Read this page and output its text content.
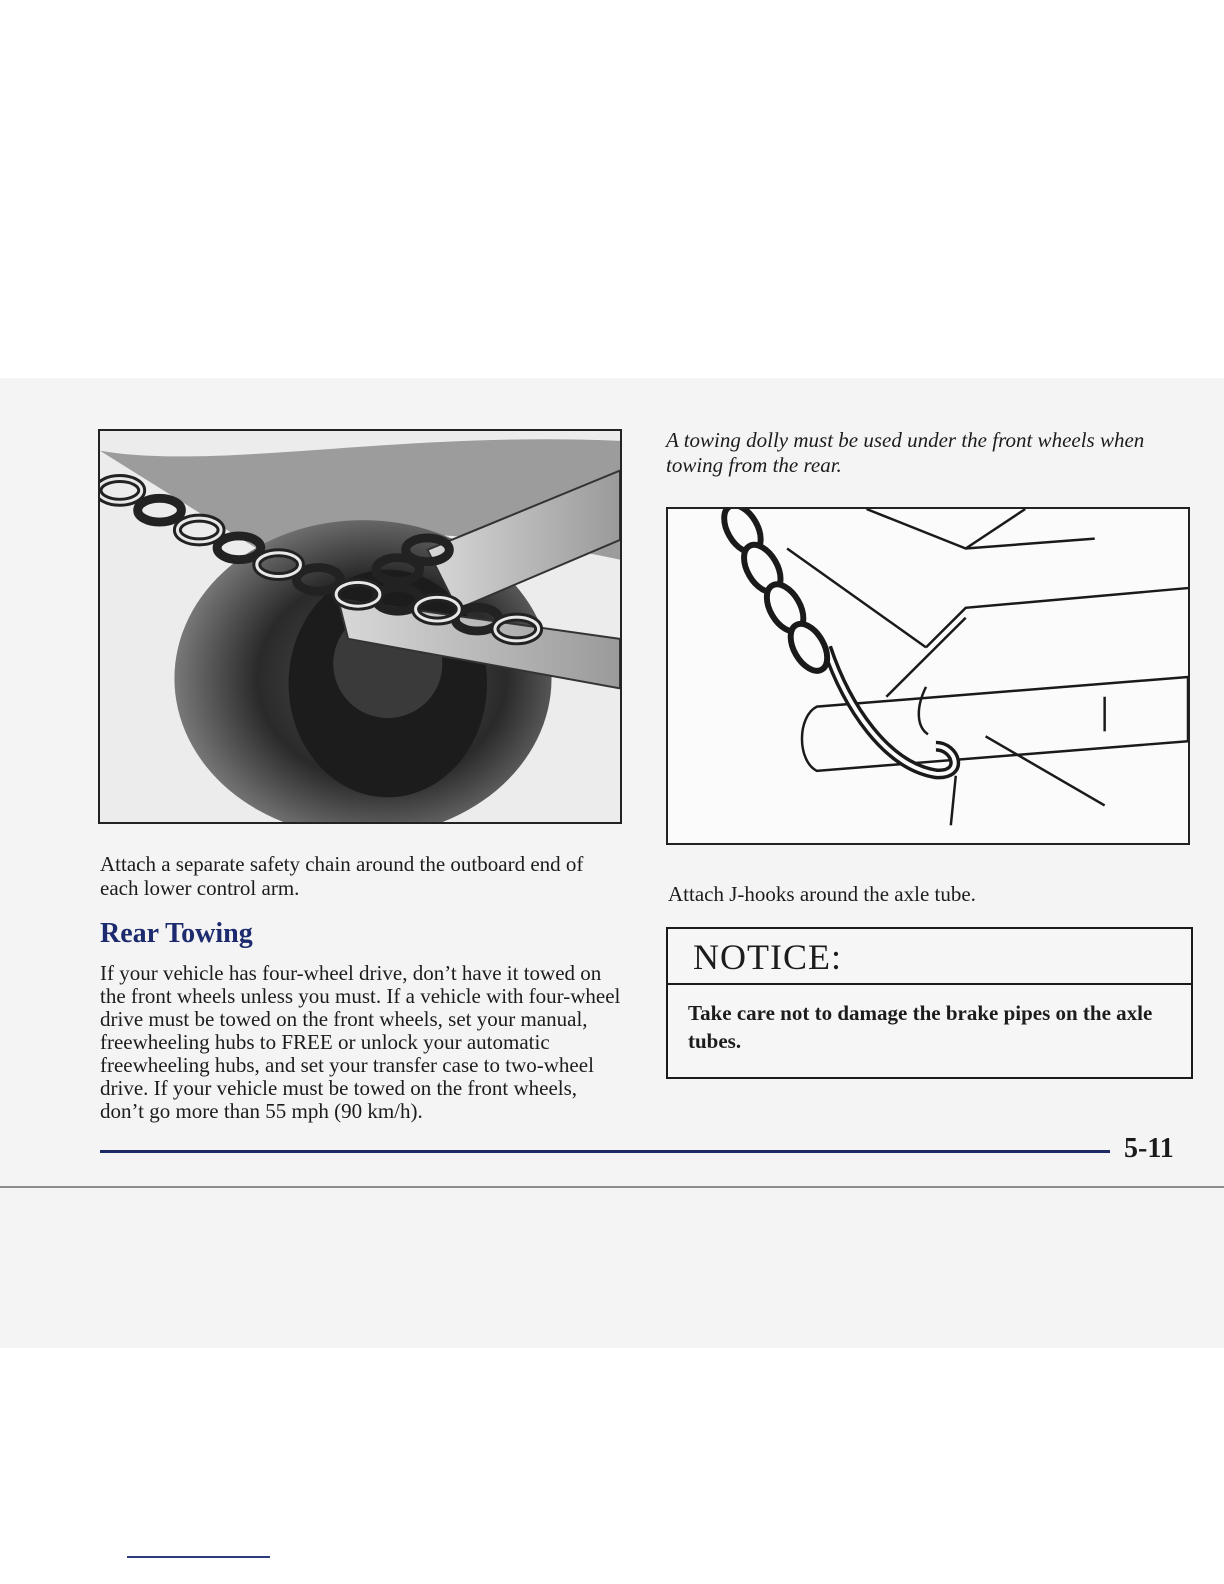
A towing dolly must be used under the front wheels when towing from the rear.
Attach a separate safety chain around the outboard end of each lower control arm.	Attach J-hooks around the axle tube.
Rear Towing
If your vehicle has four-wheel drive, don’t have it towed on the front wheels unless you must. If a vehicle with four-wheel drive must be towed on the front wheels, set your manual, freewheeling hubs to FREE or unlock your automatic freewheeling hubs, and set your transfer case to two-wheel drive. If your vehicle must be towed on the front wheels, don’t go more than 55 mph (90 km/h).
NOTICE:
Take care not to damage the brake pipes on the axle tubes.
5-11
